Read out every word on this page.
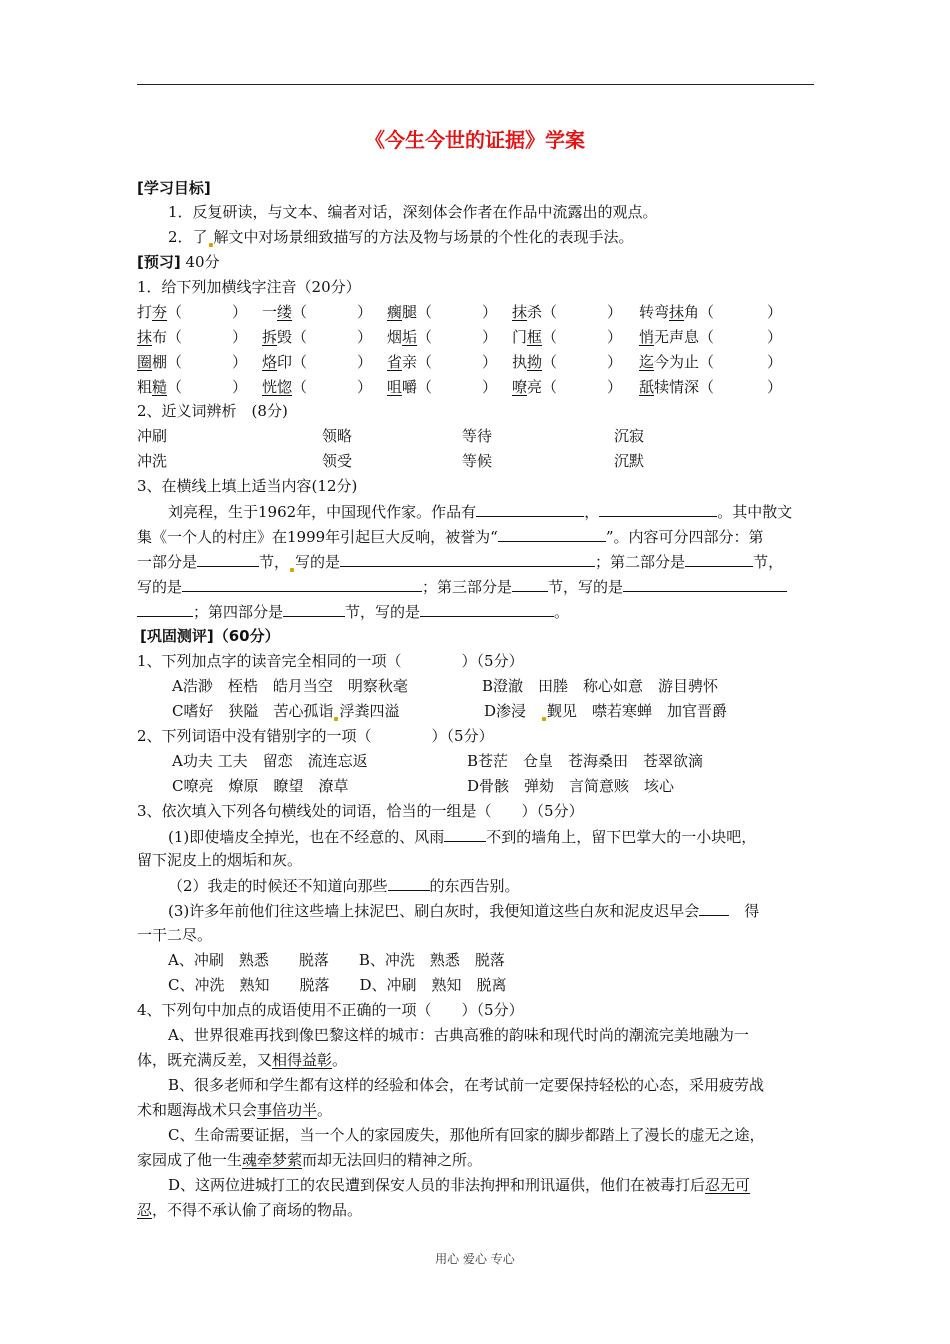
《今生今世的证据》学案
[学习目标]
1．反复研读，与文本、编者对话，深刻体会作者在作品中流露出的观点。
2．了 解文中对场景细致描写的方法及物与场景的个性化的表现手法。
[预习] 40分
1．给下列加横线字注音（20分）
打夯（	） 一缕（	） 瘸腿（	） 抹杀（	） 转弯抹角（	）
抹布（	） 拆毁（	） 烟垢（	） 门框（	） 悄无声息（	）
圈棚（	） 烙印（	） 省亲（	） 执拗（	） 迄今为止（	）
粗糙（	） 恍惚（	） 咀嚼（	） 嘹亮（	） 舐犊情深（	）
2、近义词辨析　(8分)
冲刷	领略	等待	沉寂
冲洗	领受	等候	沉默
3、在横线上填上适当内容(12分)
刘亮程，生于1962年，中国现代作家。作品有	，	。其中散文
集《一个人的村庄》在1999年引起巨大反响，被誉为“	”。内容可分四部分：第
一部分是	节， 写的是	；第二部分是	节，
写的是	；第三部分是 节，写的是
；第四部分是	节，写的是	。
[巩固测评]（60分）
1、下列加点字的读音完全相同的一项（　　　　）（5分）
A浩渺　桎梏　皓月当空　明察秋毫	B澄澈　田塍　称心如意　游目骋怀
C嗜好　狭隘　苦心孤诣 浮粪四溢	D渗浸　 觐见　噤若寒蝉　加官晋爵
2、下列词语中没有错别字的一项（　　　　）（5分）
A功夫 工夫　留恋　流连忘返	B苍茫　仓皇　苍海桑田　苍翠欲滴
C嘹亮　燎原　瞭望　潦草	D骨骸　弹劾　言简意赅　垓心
3、依次填入下列各句横线处的词语，恰当的一组是（　　）（5分）
(1)即使墙皮全掉光，也在不经意的、风雨	不到的墙角上，留下巴掌大的一小块吧，
留下泥皮上的烟垢和灰。
（2）我走的时候还不知道向那些	的东西告别。
(3)许多年前他们往这些墙上抹泥巴、刷白灰时，我便知道这些白灰和泥皮迟早会　	得
一干二尽。
A、冲刷　熟悉　　脱落　　B、冲洗　熟悉　脱落
C、冲洗　熟知　　脱落　　D、冲刷　熟知　脱离
4、下列句中加点的成语使用不正确的一项（　　）（5分）
A、世界很难再找到像巴黎这样的城市：古典高雅的韵味和现代时尚的潮流完美地融为一
体，既充满反差，又相得益彰。
B、很多老师和学生都有这样的经验和体会，在考试前一定要保持轻松的心态，采用疲劳战
术和题海战术只会事倍功半。
C、生命需要证据，当一个人的家园废失，那他所有回家的脚步都踏上了漫长的虚无之途，
家园成了他一生魂牵梦萦而却无法回归的精神之所。
D、这两位进城打工的农民遭到保安人员的非法拘押和刑讯逼供，他们在被毒打后忍无可
忍，不得不承认偷了商场的物品。
用心 爱心 专心
